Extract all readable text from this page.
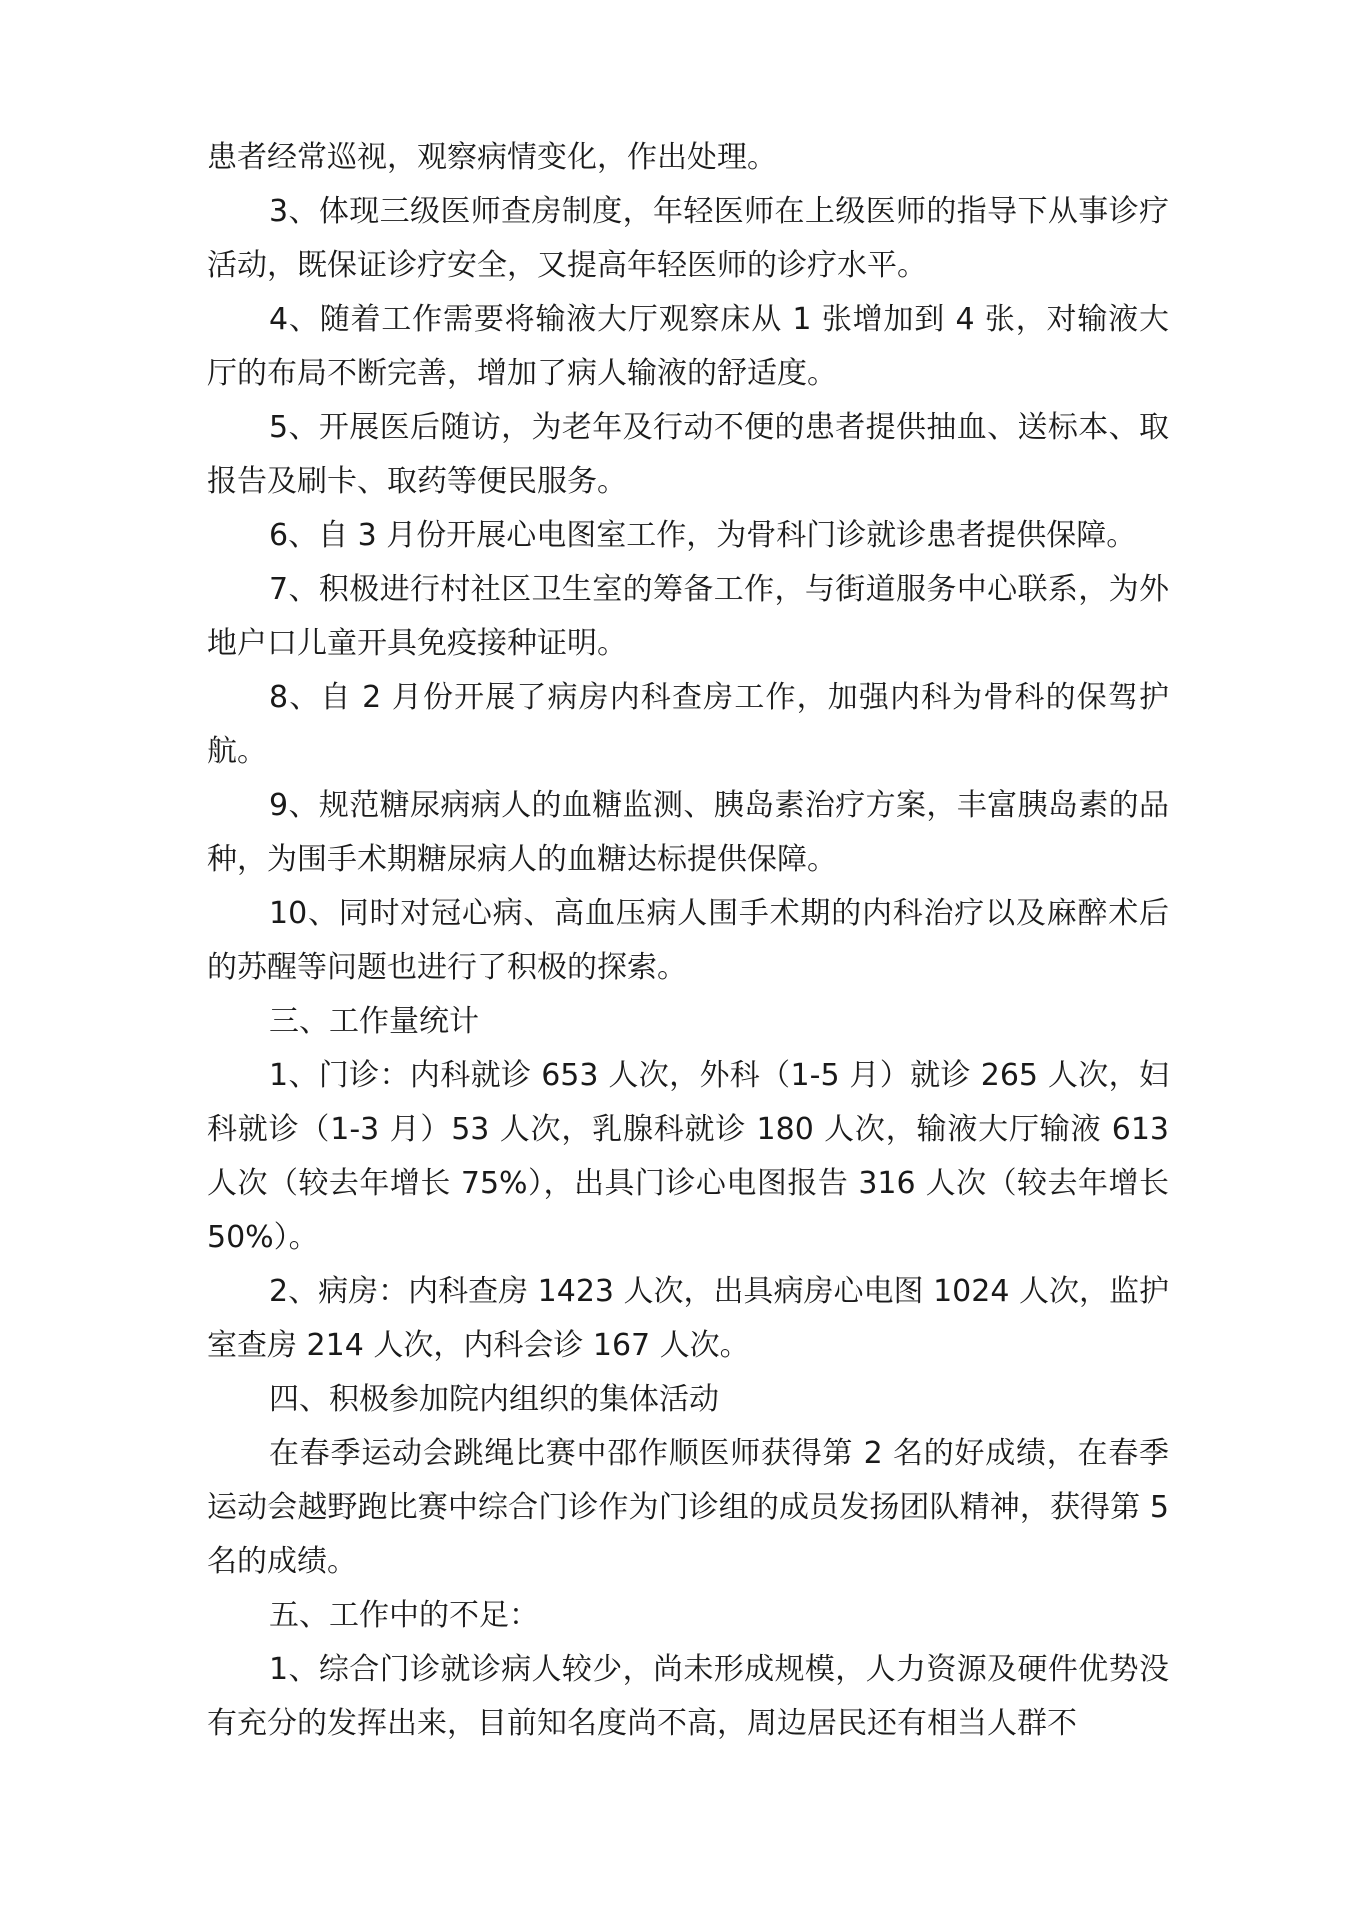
患者经常巡视，观察病情变化，作出处理。

3、体现三级医师查房制度，年轻医师在上级医师的指导下从事诊疗活动，既保证诊疗安全，又提高年轻医师的诊疗水平。

4、随着工作需要将输液大厅观察床从 1 张增加到 4 张，对输液大厅的布局不断完善，增加了病人输液的舒适度。

5、开展医后随访，为老年及行动不便的患者提供抽血、送标本、取报告及刷卡、取药等便民服务。

6、自 3 月份开展心电图室工作，为骨科门诊就诊患者提供保障。

7、积极进行村社区卫生室的筹备工作，与街道服务中心联系，为外地户口儿童开具免疫接种证明。

8、自 2 月份开展了病房内科查房工作，加强内科为骨科的保驾护航。

9、规范糖尿病病人的血糖监测、胰岛素治疗方案，丰富胰岛素的品种，为围手术期糖尿病人的血糖达标提供保障。

10、同时对冠心病、高血压病人围手术期的内科治疗以及麻醉术后的苏醒等问题也进行了积极的探索。

三、工作量统计

1、门诊：内科就诊 653 人次，外科（1-5 月）就诊 265 人次，妇科就诊（1-3 月）53 人次，乳腺科就诊 180 人次，输液大厅输液 613 人次（较去年增长 75%），出具门诊心电图报告 316 人次（较去年增长 50%）。

2、病房：内科查房 1423 人次，出具病房心电图 1024 人次，监护室查房 214 人次，内科会诊 167 人次。

四、积极参加院内组织的集体活动

在春季运动会跳绳比赛中邵作顺医师获得第 2 名的好成绩，在春季运动会越野跑比赛中综合门诊作为门诊组的成员发扬团队精神，获得第 5 名的成绩。

五、工作中的不足：

1、综合门诊就诊病人较少，尚未形成规模，人力资源及硬件优势没有充分的发挥出来，目前知名度尚不高，周边居民还有相当人群不
